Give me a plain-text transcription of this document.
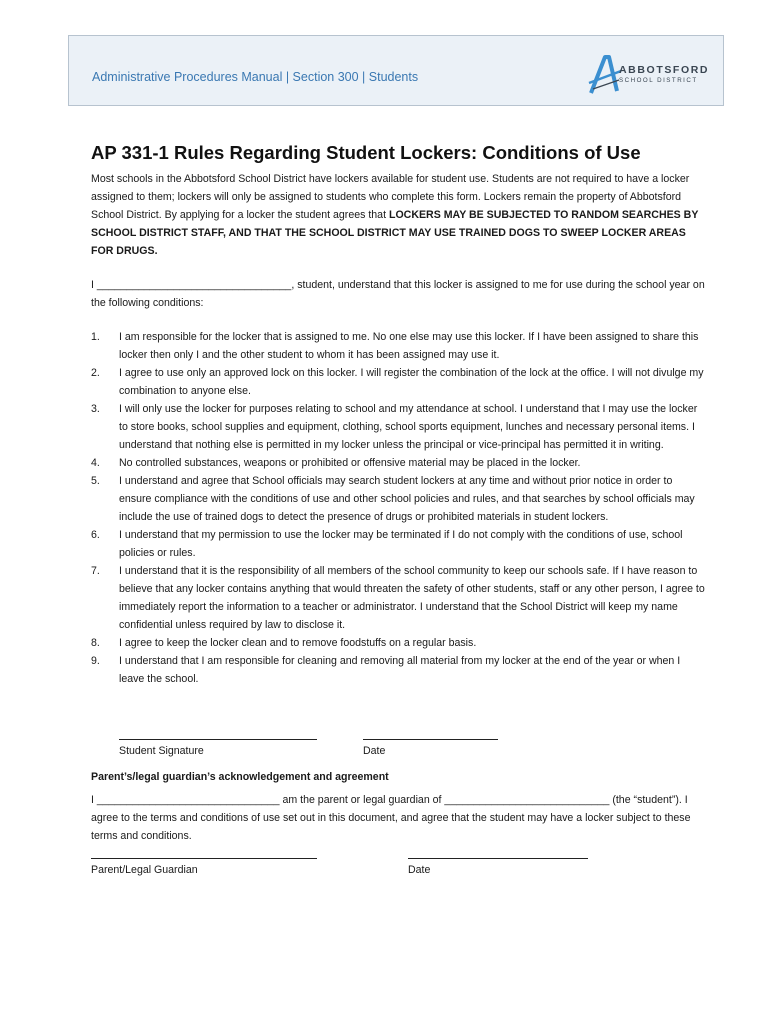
Administrative Procedures Manual | Section 300 | Students	ABBOTSFORD
SCHOOL DISTRICT
AP 331-1 Rules Regarding Student Lockers: Conditions of Use

Most schools in the Abbotsford School District have lockers available for student use. Students are not required to have a locker assigned to them; lockers will only be assigned to students who complete this form. Lockers remain the property of Abbotsford School District. By applying for a locker the student agrees that LOCKERS MAY BE SUBJECTED TO RANDOM SEARCHES BY SCHOOL DISTRICT STAFF, AND THAT THE SCHOOL DISTRICT MAY USE TRAINED DOGS TO SWEEP LOCKER AREAS FOR DRUGS.

I _________________________________, student, understand that this locker is assigned to me for use during the school year on the following conditions:

1. I am responsible for the locker that is assigned to me. No one else may use this locker. If I have been assigned to share this locker then only I and the other student to whom it has been assigned may use it.
2. I agree to use only an approved lock on this locker. I will register the combination of the lock at the office. I will not divulge my combination to anyone else.
3. I will only use the locker for purposes relating to school and my attendance at school. I understand that I may use the locker to store books, school supplies and equipment, clothing, school sports equipment, lunches and necessary personal items. I understand that nothing else is permitted in my locker unless the principal or vice-principal has permitted it in writing.
4. No controlled substances, weapons or prohibited or offensive material may be placed in the locker.
5. I understand and agree that School officials may search student lockers at any time and without prior notice in order to ensure compliance with the conditions of use and other school policies and rules, and that searches by school officials may include the use of trained dogs to detect the presence of drugs or prohibited materials in student lockers.
6. I understand that my permission to use the locker may be terminated if I do not comply with the conditions of use, school policies or rules.
7. I understand that it is the responsibility of all members of the school community to keep our schools safe. If I have reason to believe that any locker contains anything that would threaten the safety of other students, staff or any other person, I agree to immediately report the information to a teacher or administrator. I understand that the School District will keep my name confidential unless required by law to disclose it.
8. I agree to keep the locker clean and to remove foodstuffs on a regular basis.
9. I understand that I am responsible for cleaning and removing all material from my locker at the end of the year or when I leave the school.
Student Signature	Date
Parent’s/legal guardian’s acknowledgement and agreement

I _______________________________ am the parent or legal guardian of ____________________________ (the “student”). I agree to the terms and conditions of use set out in this document, and agree that the student may have a locker subject to these terms and conditions.

Parent/Legal Guardian	Date
